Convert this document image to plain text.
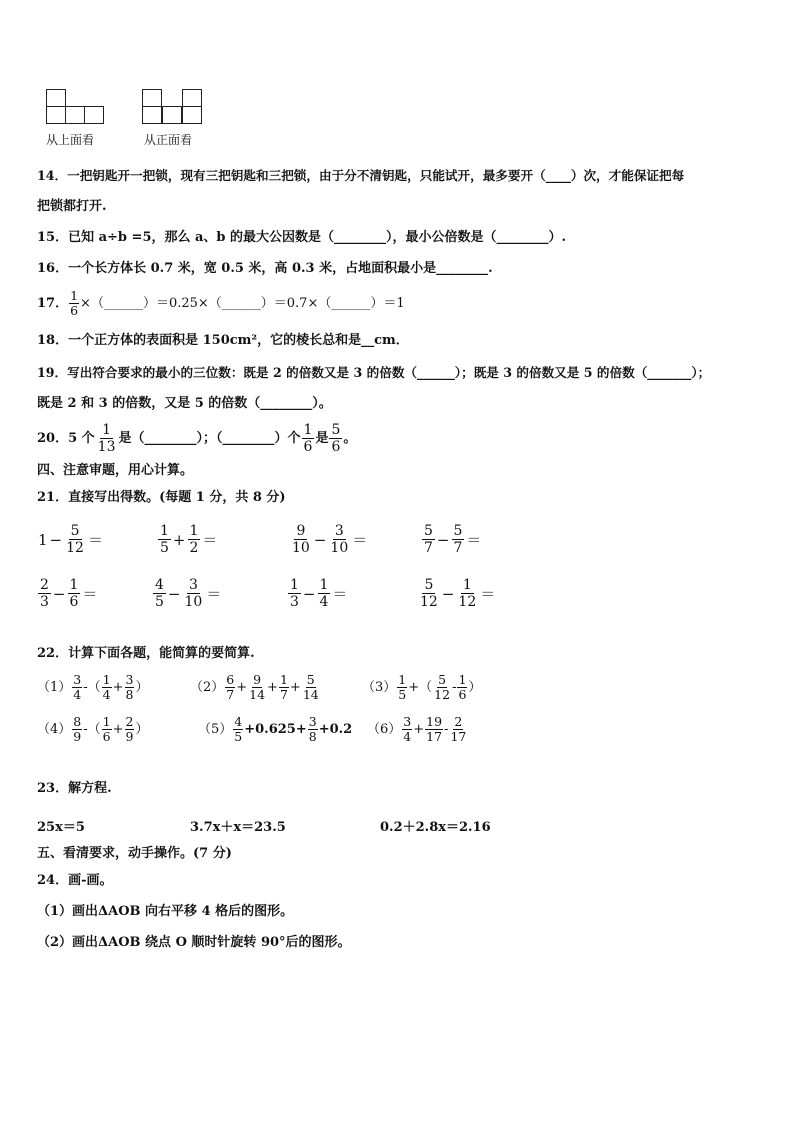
从上面看	从正面看
14．一把钥匙开一把锁，现有三把钥匙和三把锁，由于分不清钥匙，只能试开，最多要开（____）次，才能保证把每
把锁都打开.
15．已知 a÷b =5，那么 a、b 的最大公因数是（________），最小公倍数是（________）.
16．一个长方体长 0.7 米，宽 0.5 米，高 0.3 米，占地面积最小是________.
17． $\frac{1}{6}$ ×（______）＝0.25×（______）＝0.7×（______）＝1
18．一个正方体的表面积是 150cm²，它的棱长总和是__cm．
19．写出符合要求的最小的三位数：既是 2 的倍数又是 3 的倍数（______）；既是 3 的倍数又是 5 的倍数（_______）；
既是 2 和 3 的倍数，又是 5 的倍数（________）。
20．5 个 $\frac{1}{13}$ 是（________）；（________）个 $\frac{1}{6}$ 是 $\frac{5}{6}$ 。
四、注意审题，用心计算。
21．直接写出得数。(每题 1 分，共 8 分)
$1 - \frac{5}{12}$ ＝	$\frac{1}{5} + \frac{1}{2}$ ＝	$\frac{9}{10} - \frac{3}{10}$ ＝	$\frac{5}{7} - \frac{5}{7}$ ＝
$\frac{2}{3} - \frac{1}{6}$ ＝	$\frac{4}{5} - \frac{3}{10}$ ＝	$\frac{1}{3} - \frac{1}{4}$ ＝	$\frac{5}{12} - \frac{1}{12}$ ＝
22．计算下面各题，能简算的要简算.
$(1) \frac{3}{4}$ -（ $\frac{1}{4} + \frac{3}{8}$ ）	$(2) \frac{6}{7} + \frac{9}{14} + \frac{1}{7} + \frac{5}{14}$	$(3) \frac{1}{5}$ +（ $\frac{5}{12} - \frac{1}{6}$ ）
$(4) \frac{8}{9}$ -（ $\frac{1}{6} + \frac{2}{9}$ ）	$(5) \frac{4}{5} +0.625+ \frac{3}{8} +0.2$ $(6) \frac{3}{4} + \frac{19}{17} - \frac{2}{17}$
23．解方程.
25x＝5	3.7x＋x＝23.5	0.2＋2.8x＝2.16
五、看清要求，动手操作。(7 分)
24．画-画。
（1）画出ΔAOB 向右平移 4 格后的图形。
（2）画出ΔAOB 绕点 O 顺时针旋转 90°后的图形。
